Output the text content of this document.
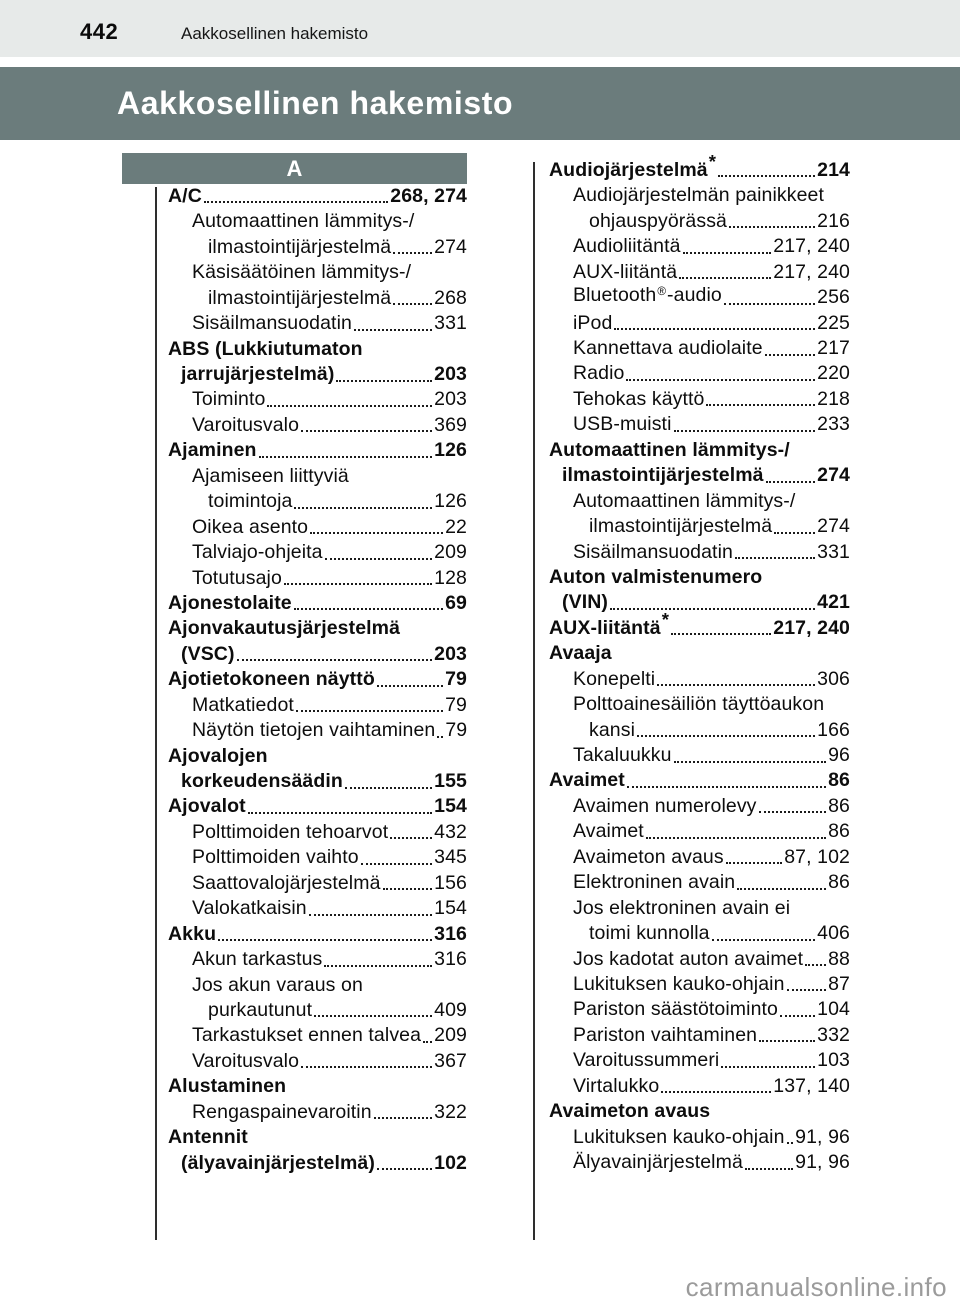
442	Aakkosellinen hakemisto
Aakkosellinen hakemisto
A
A/C	268, 274
Automaattinen lämmitys-/
ilmastointijärjestelmä 274
Käsisäätöinen lämmitys-/
ilmastointijärjestelmä 268
Sisäilmansuodatin	331
ABS (Lukkiutumaton
jarrujärjestelmä)	203
Toiminto	203
Varoitusvalo	369
Ajaminen	126
Ajamiseen liittyviä
toimintoja	126
Oikea asento	22
Talviajo-ohjeita	209
Totutusajo	128
Ajonestolaite	69
Ajonvakautusjärjestelmä
(VSC)	203
Ajotietokoneen näyttö	79
Matkatiedot	79
Näytön tietojen vaihtaminen 79
Ajovalojen
korkeudensäädin	155
Ajovalot	154
Polttimoiden tehoarvot 432
Polttimoiden vaihto	345
Saattovalojärjestelmä	156
Valokatkaisin	154
Akku	316
Akun tarkastus	316
Jos akun varaus on
purkautunut	409
Tarkastukset ennen talvea 209
Varoitusvalo	367
Alustaminen
Rengaspainevaroitin	322
Antennit
(älyavainjärjestelmä)	102
Audiojärjestelmä*	214
Audiojärjestelmän painikkeet
ohjauspyörässä	216
Audioliitäntä	217, 240
AUX-liitäntä	217, 240
Bluetooth®-audio	256
iPod	225
Kannettava audiolaite	217
Radio	220
Tehokas käyttö	218
USB-muisti	233
Automaattinen lämmitys-/
ilmastointijärjestelmä	274
Automaattinen lämmitys-/
ilmastointijärjestelmä 274
Sisäilmansuodatin	331
Auton valmistenumero
(VIN)	421
AUX-liitäntä*	217, 240
Avaaja
Konepelti	306
Polttoainesäiliön täyttöaukon
kansi	166
Takaluukku	96
Avaimet	86
Avaimen numerolevy	86
Avaimet	86
Avaimeton avaus	87, 102
Elektroninen avain	86
Jos elektroninen avain ei
toimi kunnolla	406
Jos kadotat auton avaimet 88
Lukituksen kauko-ohjain 87
Pariston säästötoiminto 104
Pariston vaihtaminen	332
Varoitussummeri	103
Virtalukko	137, 140
Avaimeton avaus
Lukituksen kauko-ohjain 91, 96
Älyavainjärjestelmä	91, 96
carmanualsonline.info
